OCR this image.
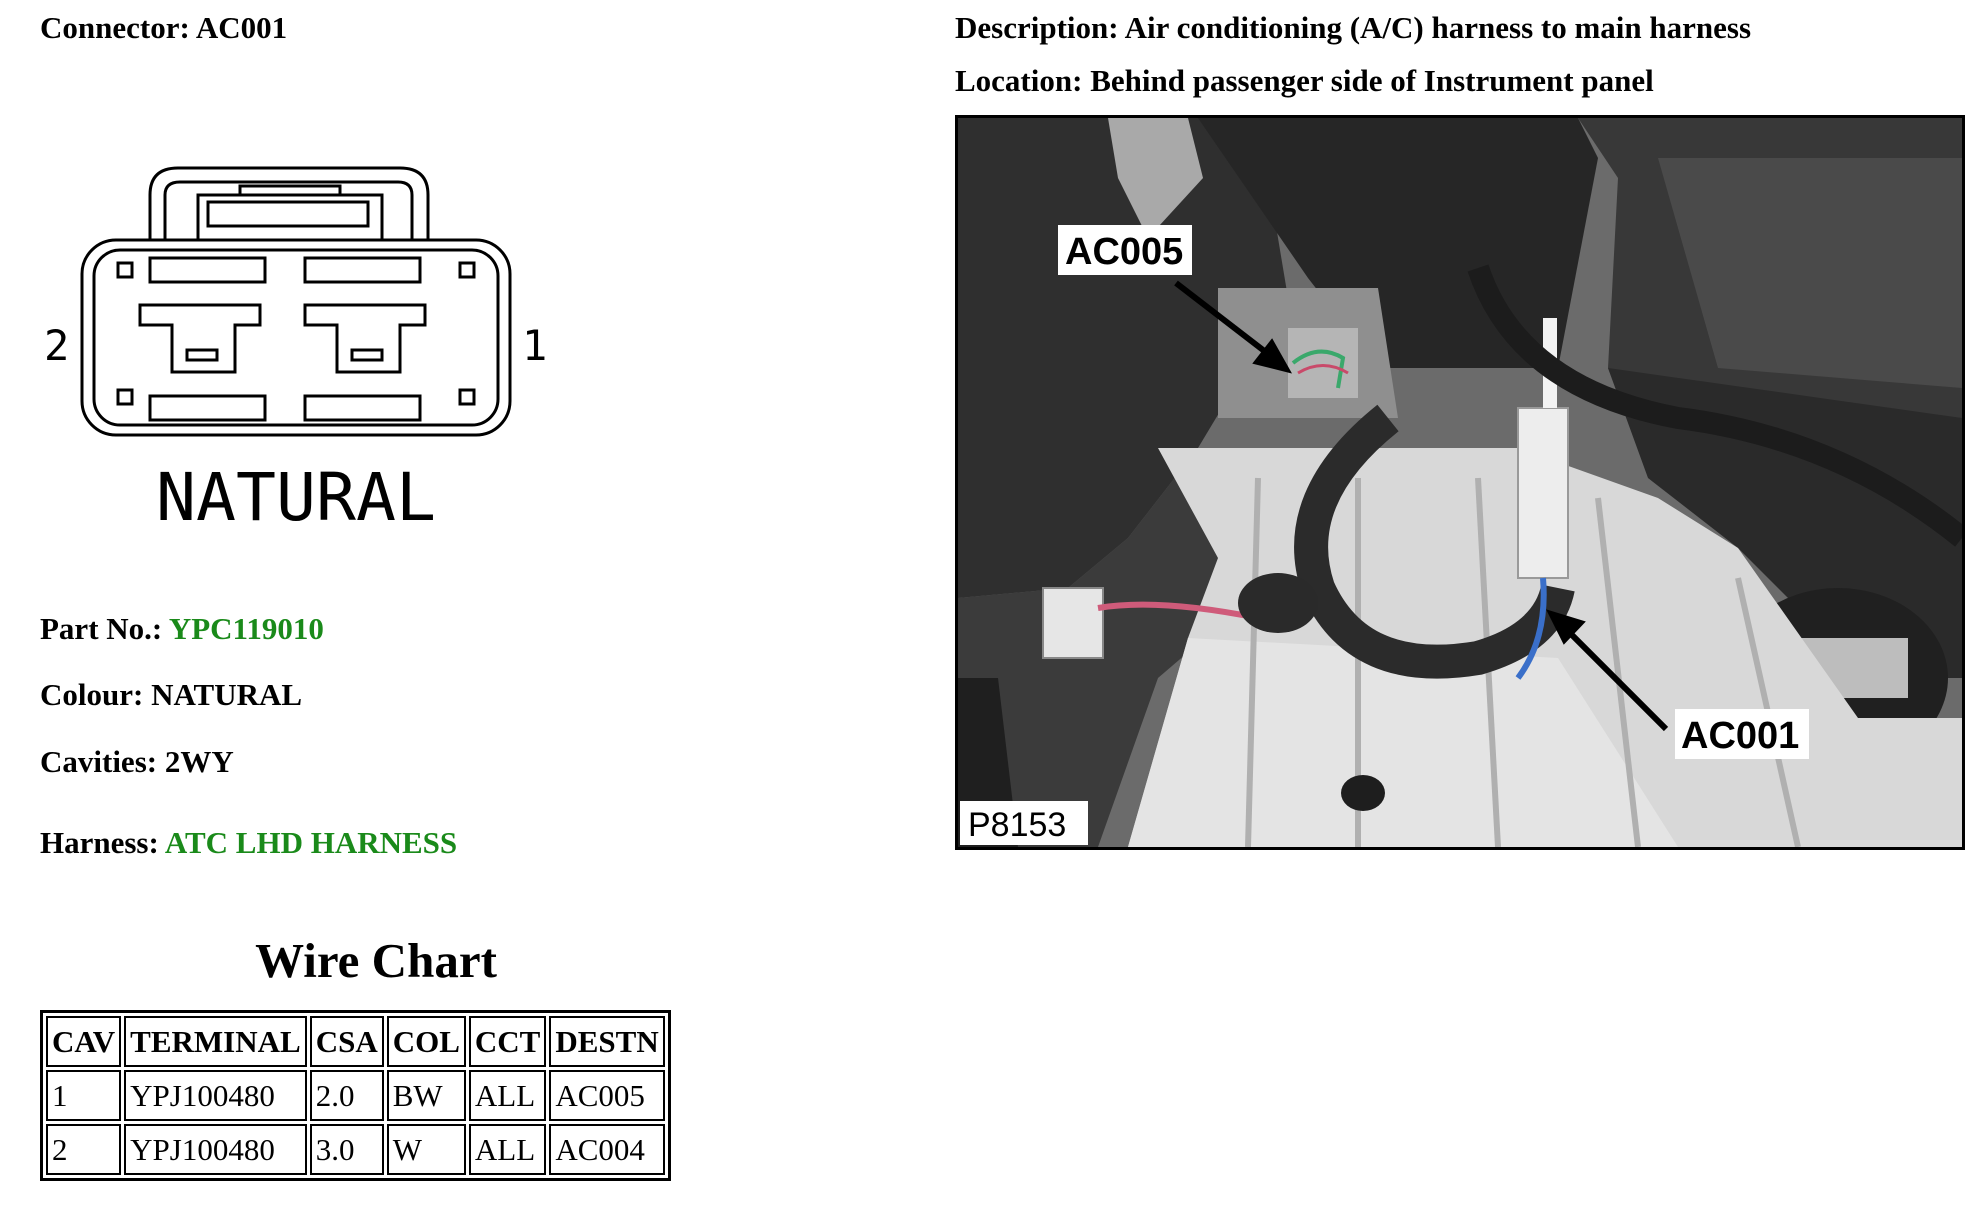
Connector: AC001	Description: Air conditioning (A/C) harness to main harness
Location: Behind passenger side of Instrument panel
2	1
NATURAL
Part No.: YPC119010
Colour: NATURAL
Cavities: 2WY
Harness: ATC LHD HARNESS
Wire Chart
CAV	TERMINAL	CSA	COL	CCT	DESTN
1	YPJ100480	2.0	BW	ALL	AC005
2	YPJ100480	3.0	W	ALL	AC004
AC005
AC001
P8153
